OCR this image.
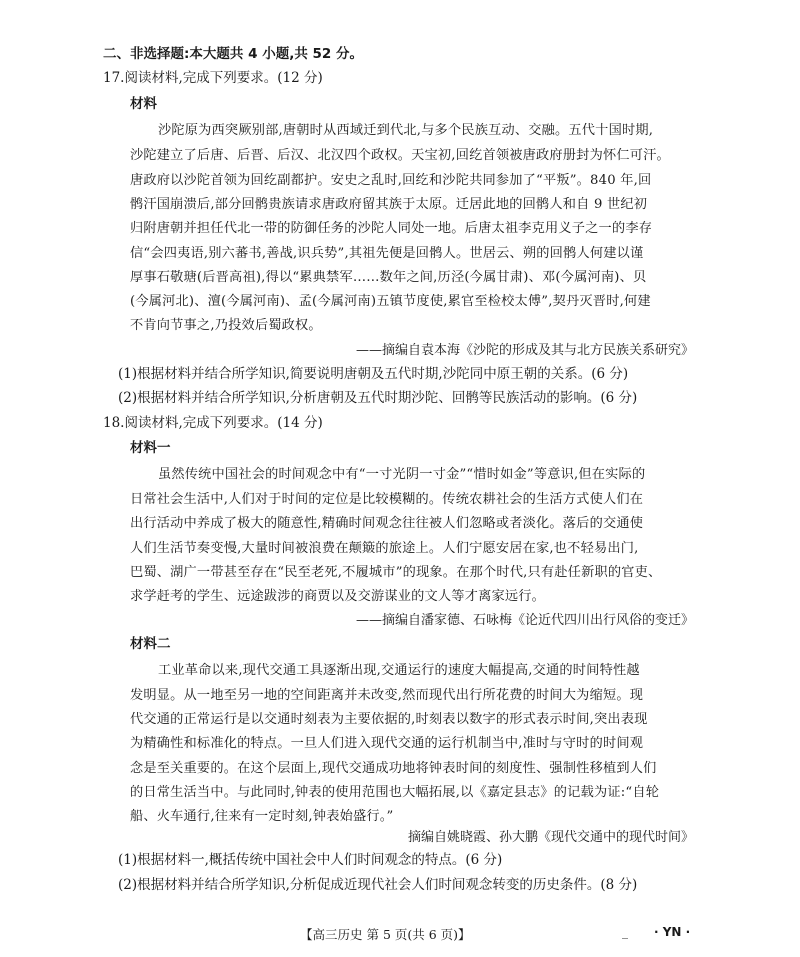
二、非选择题:本大题共 4 小题,共 52 分。
17.阅读材料,完成下列要求。(12 分)
材料
沙陀原为西突厥别部,唐朝时从西域迁到代北,与多个民族互动、交融。五代十国时期,
沙陀建立了后唐、后晋、后汉、北汉四个政权。天宝初,回纥首领被唐政府册封为怀仁可汗。
唐政府以沙陀首领为回纥副都护。安史之乱时,回纥和沙陀共同参加了“平叛”。840 年,回
鹘汗国崩溃后,部分回鹘贵族请求唐政府留其族于太原。迁居此地的回鹘人和自 9 世纪初
归附唐朝并担任代北一带的防御任务的沙陀人同处一地。后唐太祖李克用义子之一的李存
信“会四夷语,别六蕃书,善战,识兵势”,其祖先便是回鹘人。世居云、朔的回鹘人何建以谨
厚事石敬瑭(后晋高祖),得以“累典禁军……数年之间,历泾(今属甘肃)、邓(今属河南)、贝
(今属河北)、澶(今属河南)、孟(今属河南)五镇节度使,累官至检校太傅”,契丹灭晋时,何建
不肯向节事之,乃投效后蜀政权。
——摘编自袁本海《沙陀的形成及其与北方民族关系研究》
(1)根据材料并结合所学知识,简要说明唐朝及五代时期,沙陀同中原王朝的关系。(6 分)
(2)根据材料并结合所学知识,分析唐朝及五代时期沙陀、回鹘等民族活动的影响。(6 分)
18.阅读材料,完成下列要求。(14 分)
材料一
虽然传统中国社会的时间观念中有“一寸光阴一寸金”“惜时如金”等意识,但在实际的
日常社会生活中,人们对于时间的定位是比较模糊的。传统农耕社会的生活方式使人们在
出行活动中养成了极大的随意性,精确时间观念往往被人们忽略或者淡化。落后的交通使
人们生活节奏变慢,大量时间被浪费在颠簸的旅途上。人们宁愿安居在家,也不轻易出门,
巴蜀、湖广一带甚至存在“民至老死,不履城市”的现象。在那个时代,只有赴任新职的官吏、
求学赶考的学生、远途跋涉的商贾以及交游谋业的文人等才离家远行。
——摘编自潘家德、石咏梅《论近代四川出行风俗的变迁》
材料二
工业革命以来,现代交通工具逐渐出现,交通运行的速度大幅提高,交通的时间特性越
发明显。从一地至另一地的空间距离并未改变,然而现代出行所花费的时间大为缩短。现
代交通的正常运行是以交通时刻表为主要依据的,时刻表以数字的形式表示时间,突出表现
为精确性和标准化的特点。一旦人们进入现代交通的运行机制当中,准时与守时的时间观
念是至关重要的。在这个层面上,现代交通成功地将钟表时间的刻度性、强制性移植到人们
的日常生活当中。与此同时,钟表的使用范围也大幅拓展,以《嘉定县志》的记载为证:“自轮
船、火车通行,往来有一定时刻,钟表始盛行。”
摘编自姚晓霞、孙大鹏《现代交通中的现代时间》
(1)根据材料一,概括传统中国社会中人们时间观念的特点。(6 分)
(2)根据材料并结合所学知识,分析促成近现代社会人们时间观念转变的历史条件。(8 分)
【高三历史 第 5 页(共 6 页)】	_ · YN ·
